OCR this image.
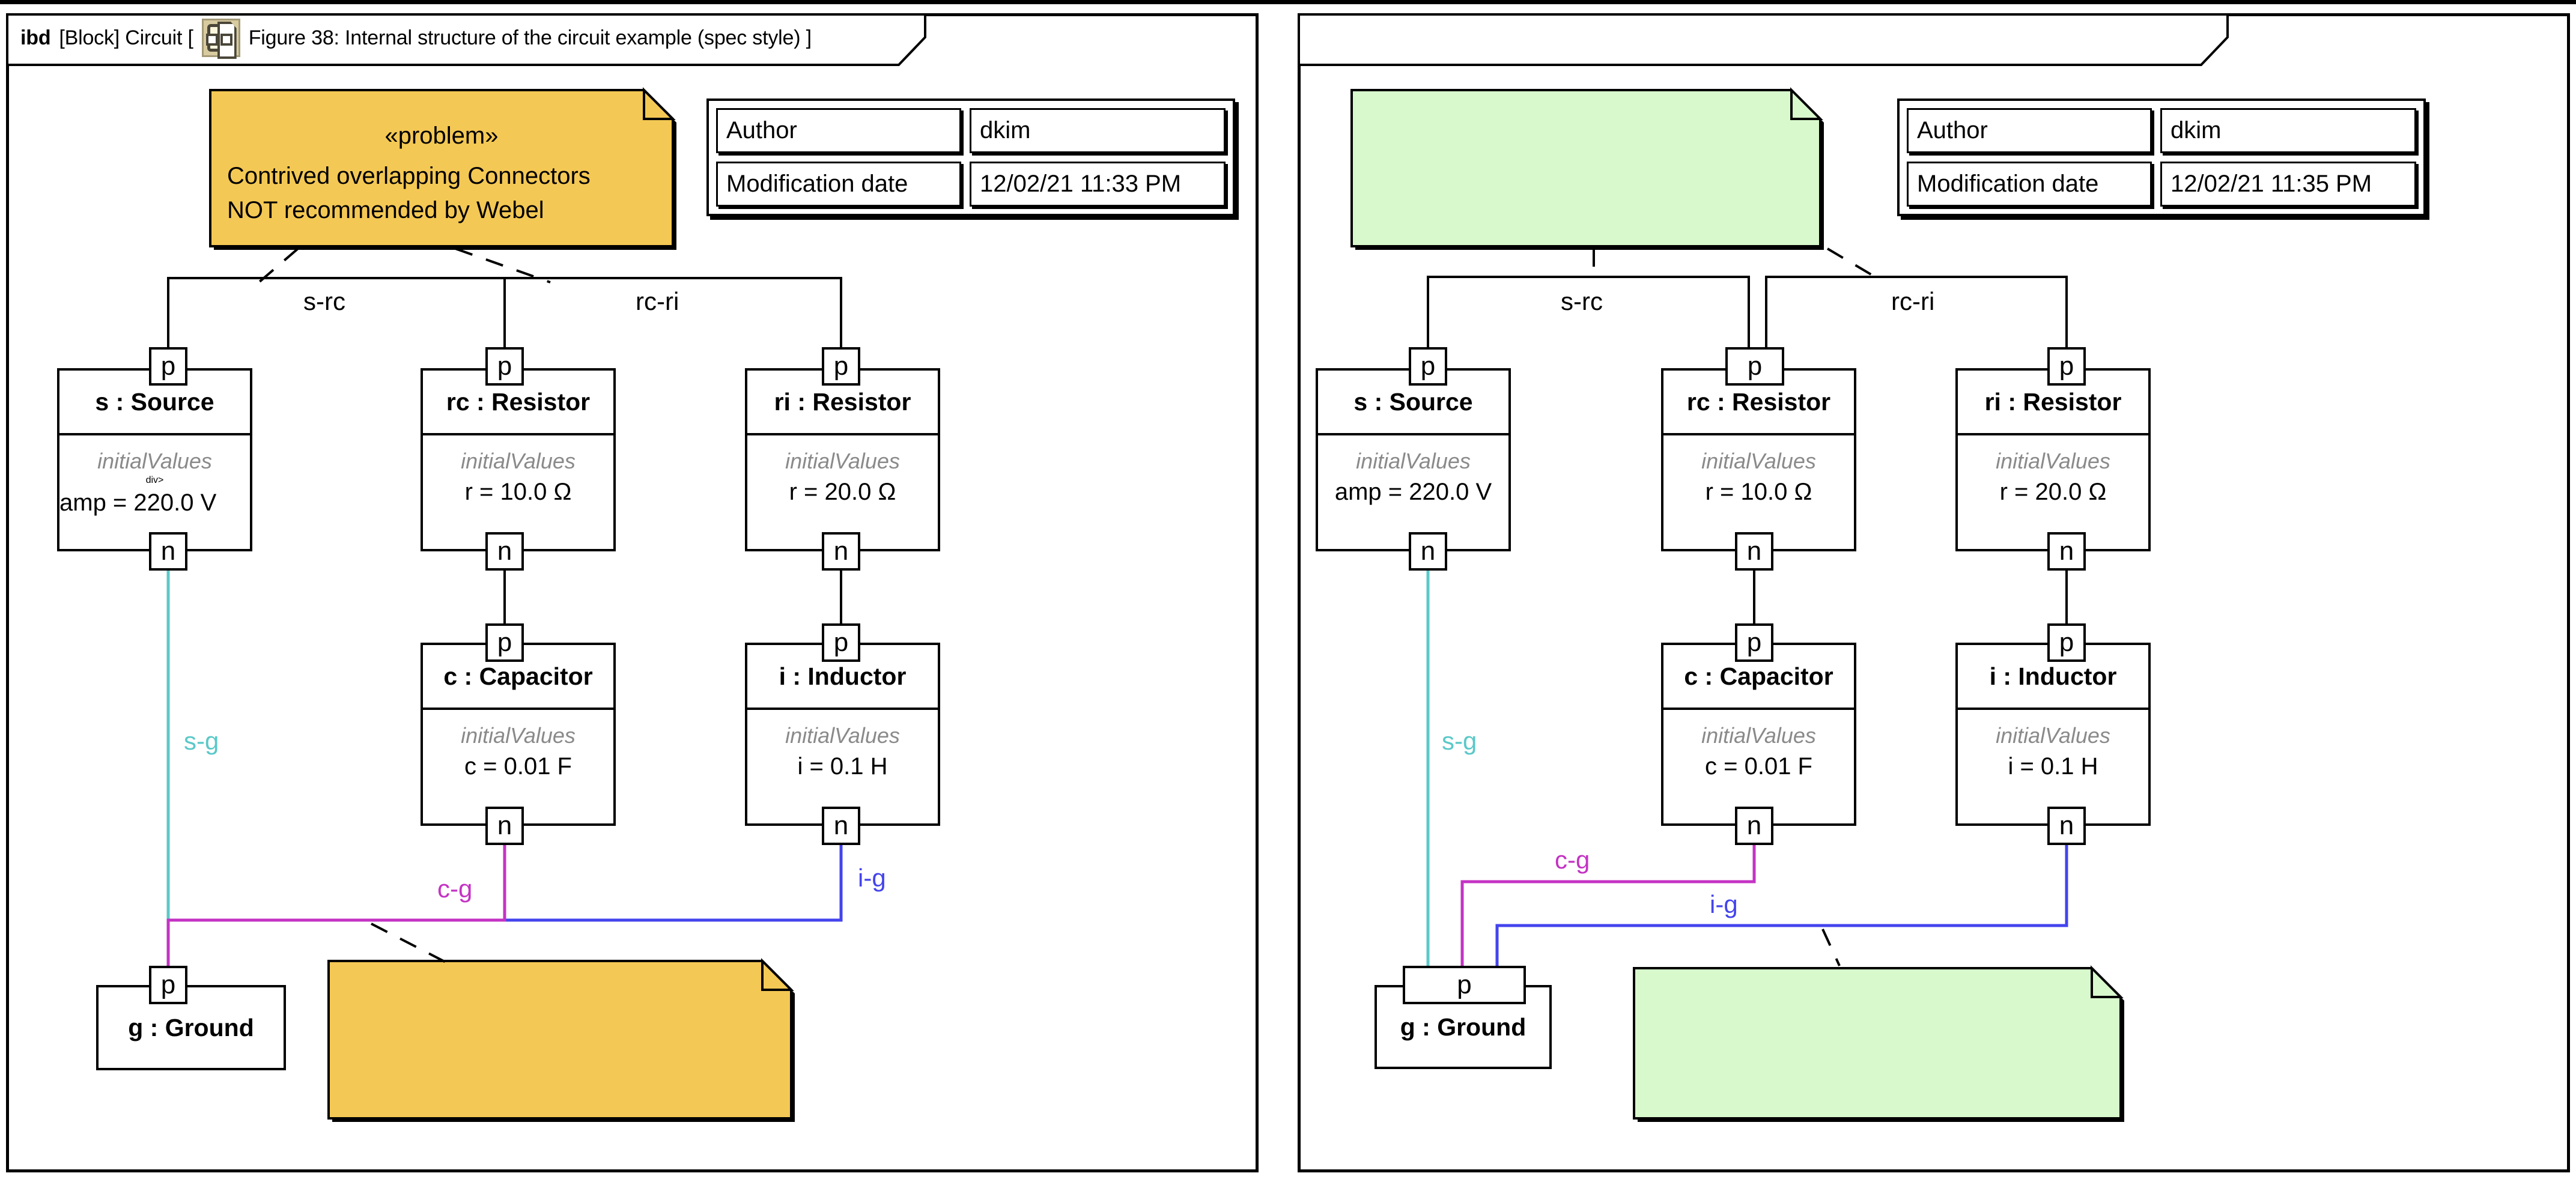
ibd [Block] Circuit [	Figure 38: Internal structure of the circuit example (spec style) ]
«problem»
Contrived overlapping Connectors
NOT recommended by Webel
Author	dkim
Modification date	12/02/21 11:33 PM
s-rc	rc-ri
s-g
c-g	i-g
s : Source
initialValues
div>
amp = 220.0 V
rc : Resistor
initialValues
r = 10.0 Ω
ri : Resistor
initialValues
r = 20.0 Ω
c : Capacitor
initialValues
c = 0.01 F
i : Inductor
initialValues
i = 0.1 H
g : Ground
p
n
p
n
p
n
p
n
p
n
p
Author	dkim
Modification date	12/02/21 11:35 PM
s-rc	rc-ri
s-g
c-g
i-g
s : Source
initialValues
amp = 220.0 V
rc : Resistor
initialValues
r = 10.0 Ω
ri : Resistor
initialValues
r = 20.0 Ω
c : Capacitor
initialValues
c = 0.01 F
i : Inductor
initialValues
i = 0.1 H
g : Ground
p
n
p
n
p
n
p
n
p
n
p
